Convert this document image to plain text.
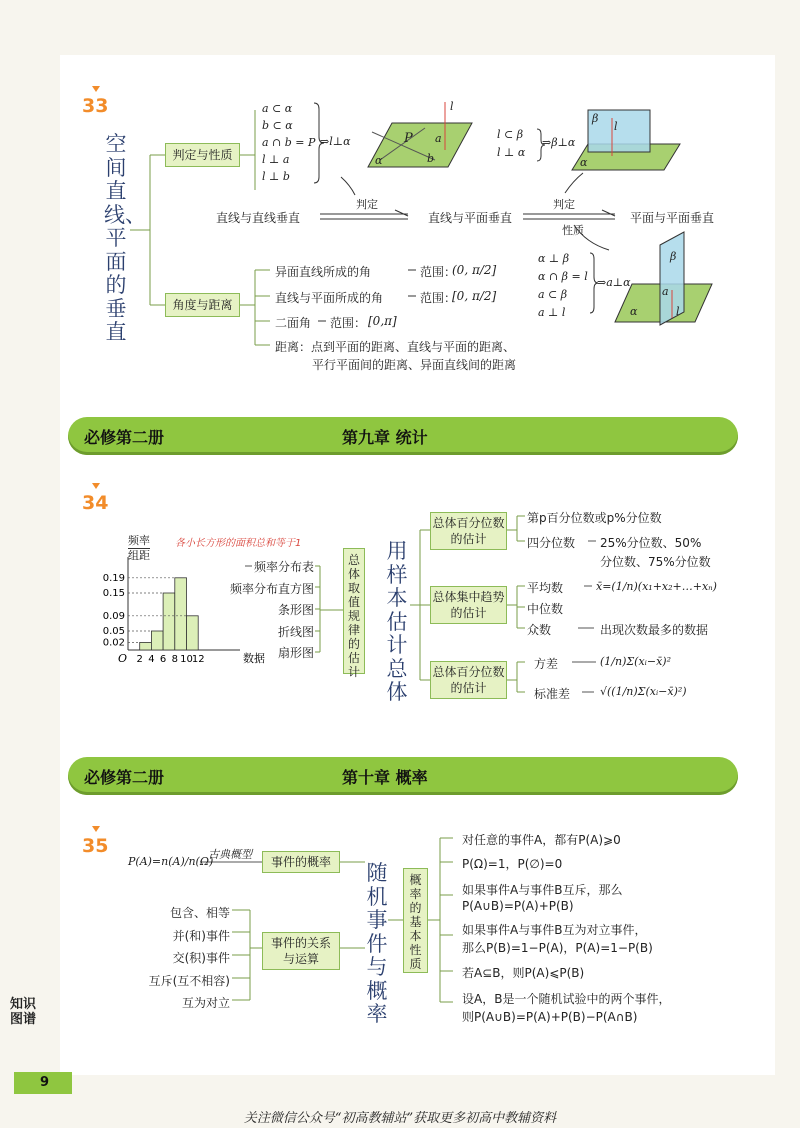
33
空间直线、平面的垂直
判定与性质
角度与距离
a ⊂ α
b ⊂ α
a ∩ b = P
l ⊥ a
l ⊥ b
⇒l⊥α	P a
b
α
l
l ⊂ β
l ⊥ α
⇒β⊥α
β
l
α
判定	判定
性质
直线与直线垂直	直线与平面垂直	平面与平面垂直
异面直线所成的角	范围：
(0, π/2]
直线与平面所成的角	范围：
[0, π/2]
二面角 范围： [0,π]
距离：点到平面的距离、直线与平面的距离、
平行平面间的距离、异面直线间的距离
α ⊥ β
α ∩ β = l
a ⊂ β
a ⊥ l
⇒a⊥α
β
α	l
a
必修第二册	第九章 统计
34
各小长方形的面积总和等于1
频率
组距
0.19
0.15
0.09
0.05
0.02
2 4 6 8 10
12
O	数据
频率分布表
频率分布直方图
条形图
折线图
扇形图
总体取值规律的估计
用样本估计总体
总体百分位数的估计
总体集中趋势的估计
总体百分位数的估计
第p百分位数或p%分位数
四分位数 25%分位数、50%
分位数、75%分位数
平均数	x̄=(1/n)(x₁+x₂+…+xₙ)
中位数
众数	出现次数最多的数据
方差	(1/n)Σ(xᵢ−x̄)²
标准差	√((1/n)Σ(xᵢ−x̄)²)
必修第二册	第十章 概率
35
P(A)=n(A)/n(Ω)
古典概型
事件的概率
包含、相等
并(和)事件
交(积)事件
互斥(互不相容)
互为对立
事件的关系与运算
随机事件与概率
概率的基本性质
对任意的事件A，都有P(A)⩾0
P(Ω)=1，P(∅)=0
如果事件A与事件B互斥，那么
P(A∪B)=P(A)+P(B)
如果事件A与事件B互为对立事件，
那么P(B)=1−P(A)，P(A)=1−P(B)
若A⊆B，则P(A)⩽P(B)
设A，B是一个随机试验中的两个事件，
则P(A∪B)=P(A)+P(B)−P(A∩B)
知识图谱
9
关注微信公众号“初高教辅站”获取更多初高中教辅资料
